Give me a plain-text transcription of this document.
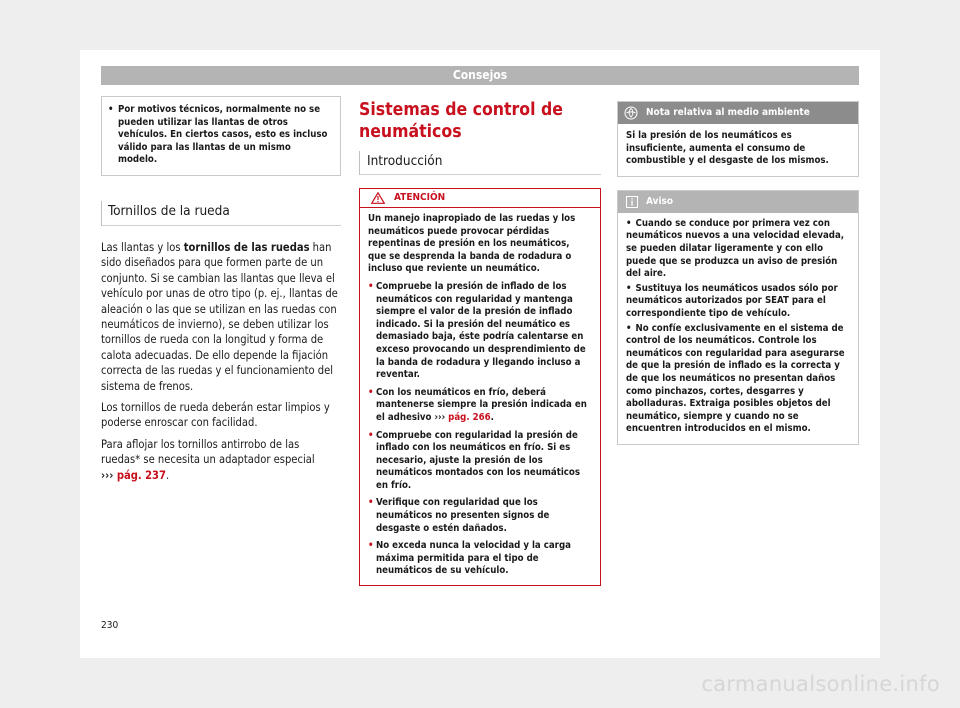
Consejos
• Por motivos técnicos, normalmente no se pueden utilizar las llantas de otros vehículos. En ciertos casos, esto es incluso válido para las llantas de un mismo modelo.
Tornillos de la rueda

Las llantas y los tornillos de las ruedas han sido diseñados para que formen parte de un conjunto. Si se cambian las llantas que lleva el vehículo por unas de otro tipo (p. ej., llantas de aleación o las que se utilizan en las ruedas con neumáticos de invierno), se deben utilizar los tornillos de rueda con la longitud y forma de calota adecuadas. De ello depende la fijación correcta de las ruedas y el funcionamiento del sistema de frenos.

Los tornillos de rueda deberán estar limpios y poderse enroscar con facilidad.

Para aflojar los tornillos antirrobo de las ruedas* se necesita un adaptador especial
››› pág. 237.

Sistemas de control de neumáticos
Introducción
ATENCIÓN
Un manejo inapropiado de las ruedas y los neumáticos puede provocar pérdidas repentinas de presión en los neumáticos, que se desprenda la banda de rodadura o incluso que reviente un neumático.
• Compruebe la presión de inflado de los neumáticos con regularidad y mantenga siempre el valor de la presión de inflado indicado. Si la presión del neumático es demasiado baja, éste podría calentarse en exceso provocando un desprendimiento de la banda de rodadura y llegando incluso a reventar.
• Con los neumáticos en frío, deberá mantenerse siempre la presión indicada en el adhesivo ››› pág. 266.
• Compruebe con regularidad la presión de inflado con los neumáticos en frío. Si es necesario, ajuste la presión de los neumáticos montados con los neumáticos en frío.
• Verifique con regularidad que los neumáticos no presenten signos de desgaste o estén dañados.
• No exceda nunca la velocidad y la carga máxima permitida para el tipo de neumáticos de su vehículo.
Nota relativa al medio ambiente
Si la presión de los neumáticos es insuficiente, aumenta el consumo de combustible y el desgaste de los mismos.
Aviso
• Cuando se conduce por primera vez con neumáticos nuevos a una velocidad elevada, se pueden dilatar ligeramente y con ello puede que se produzca un aviso de presión del aire.
• Sustituya los neumáticos usados sólo por neumáticos autorizados por SEAT para el correspondiente tipo de vehículo.
• No confíe exclusivamente en el sistema de control de los neumáticos. Controle los neumáticos con regularidad para asegurarse de que la presión de inflado es la correcta y de que los neumáticos no presentan daños como pinchazos, cortes, desgarres y abolladuras. Extraiga posibles objetos del neumático, siempre y cuando no se encuentren introducidos en el mismo.
230
carmanualsonline.info
